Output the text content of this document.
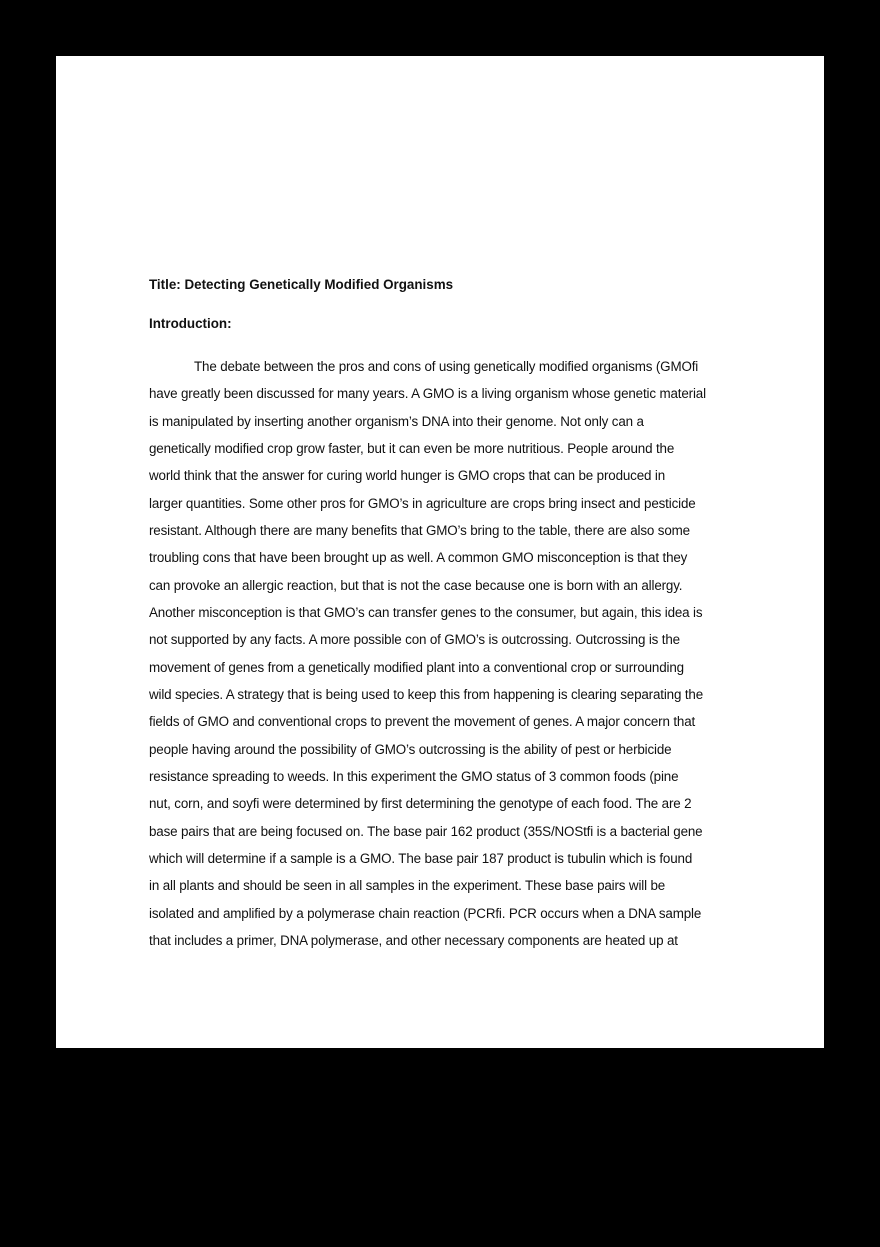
Title: Detecting Genetically Modified Organisms

Introduction:

The debate between the pros and cons of using genetically modified organisms (GMOfi
have greatly been discussed for many years. A GMO is a living organism whose genetic material
is manipulated by inserting another organism’s DNA into their genome. Not only can a
genetically modified crop grow faster, but it can even be more nutritious. People around the
world think that the answer for curing world hunger is GMO crops that can be produced in
larger quantities. Some other pros for GMO’s in agriculture are crops bring insect and pesticide
resistant. Although there are many benefits that GMO’s bring to the table, there are also some
troubling cons that have been brought up as well. A common GMO misconception is that they
can provoke an allergic reaction, but that is not the case because one is born with an allergy.
Another misconception is that GMO’s can transfer genes to the consumer, but again, this idea is
not supported by any facts. A more possible con of GMO’s is outcrossing. Outcrossing is the
movement of genes from a genetically modified plant into a conventional crop or surrounding
wild species. A strategy that is being used to keep this from happening is clearing separating the
fields of GMO and conventional crops to prevent the movement of genes. A major concern that
people having around the possibility of GMO’s outcrossing is the ability of pest or herbicide
resistance spreading to weeds. In this experiment the GMO status of 3 common foods (pine
nut, corn, and soyfi were determined by first determining the genotype of each food. The are 2
base pairs that are being focused on. The base pair 162 product (35S/NOStfi is a bacterial gene
which will determine if a sample is a GMO. The base pair 187 product is tubulin which is found
in all plants and should be seen in all samples in the experiment. These base pairs will be
isolated and amplified by a polymerase chain reaction (PCRfi. PCR occurs when a DNA sample
that includes a primer, DNA polymerase, and other necessary components are heated up at
